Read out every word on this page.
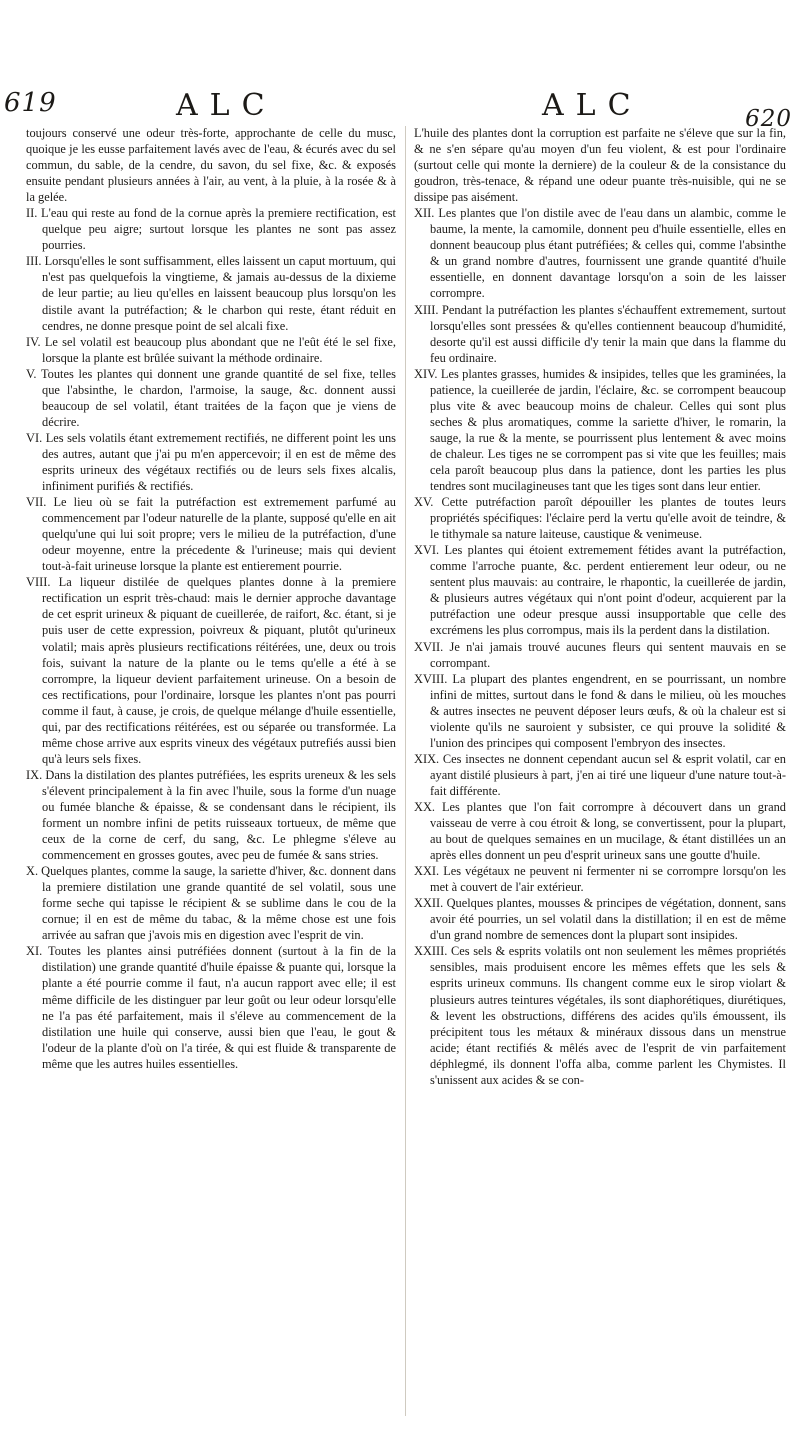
619	ALC	ALC	620

toujours conservé une odeur très-forte, approchante de celle du musc, quoique je les eusse parfaitement lavés avec de l'eau, & écurés avec du sel commun, du sable, de la cendre, du savon, du sel fixe, &c. & exposés ensuite pendant plusieurs années à l'air, au vent, à la pluie, à la rosée & à la gelée.

II. L'eau qui reste au fond de la cornue après la premiere rectification, est quelque peu aigre; surtout lorsque les plantes ne sont pas assez pourries.

III. Lorsqu'elles le sont suffisamment, elles laissent un caput mortuum, qui n'est pas quelquefois la vingtieme, & jamais au-dessus de la dixieme de leur partie; au lieu qu'elles en laissent beaucoup plus lorsqu'on les distile avant la putréfaction; & le charbon qui reste, étant réduit en cendres, ne donne presque point de sel alcali fixe.

IV. Le sel volatil est beaucoup plus abondant que ne l'eût été le sel fixe, lorsque la plante est brûlée suivant la méthode ordinaire.

V. Toutes les plantes qui donnent une grande quantité de sel fixe, telles que l'absinthe, le chardon, l'armoise, la sauge, &c. donnent aussi beaucoup de sel volatil, étant traitées de la façon que je viens de décrire.

VI. Les sels volatils étant extremement rectifiés, ne different point les uns des autres, autant que j'ai pu m'en appercevoir; il en est de même des esprits urineux des végétaux rectifiés ou de leurs sels fixes alcalis, infiniment purifiés & rectifiés.

VII. Le lieu où se fait la putréfaction est extremement parfumé au commencement par l'odeur naturelle de la plante, supposé qu'elle en ait quelqu'une qui lui soit propre; vers le milieu de la putréfaction, d'une odeur moyenne, entre la précedente & l'urineuse; mais qui devient tout-à-fait urineuse lorsque la plante est entierement pourrie.

VIII. La liqueur distilée de quelques plantes donne à la premiere rectification un esprit très-chaud: mais le dernier approche davantage de cet esprit urineux & piquant de cueillerée, de raifort, &c. étant, si je puis user de cette expression, poivreux & piquant, plutôt qu'urineux volatil; mais après plusieurs rectifications réitérées, une, deux ou trois fois, suivant la nature de la plante ou le tems qu'elle a été à se corrompre, la liqueur devient parfaitement urineuse. On a besoin de ces rectifications, pour l'ordinaire, lorsque les plantes n'ont pas pourri comme il faut, à cause, je crois, de quelque mélange d'huile essentielle, qui, par des rectifications réitérées, est ou séparée ou transformée. La même chose arrive aux esprits vineux des végétaux putrefiés aussi bien qu'à leurs sels fixes.

IX. Dans la distilation des plantes putréfiées, les esprits ureneux & les sels s'élevent principalement à la fin avec l'huile, sous la forme d'un nuage ou fumée blanche & épaisse, & se condensant dans le récipient, ils forment un nombre infini de petits ruisseaux tortueux, de même que ceux de la corne de cerf, du sang, &c. Le phlegme s'éleve au commencement en grosses goutes, avec peu de fumée & sans stries.

X. Quelques plantes, comme la sauge, la sariette d'hiver, &c. donnent dans la premiere distilation une grande quantité de sel volatil, sous une forme seche qui tapisse le récipient & se sublime dans le cou de la cornue; il en est de même du tabac, & la même chose est une fois arrivée au safran que j'avois mis en digestion avec l'esprit de vin.

XI. Toutes les plantes ainsi putréfiées donnent (surtout à la fin de la distilation) une grande quantité d'huile épaisse & puante qui, lorsque la plante a été pourrie comme il faut, n'a aucun rapport avec elle; il est même difficile de les distinguer par leur goût ou leur odeur lorsqu'elle ne l'a pas été parfaitement, mais il s'éleve au commencement de la distilation une huile qui conserve, aussi bien que l'eau, le gout & l'odeur de la plante d'où on l'a tirée, & qui est fluide & transparente de même que les autres huiles essentielles.

L'huile des plantes dont la corruption est parfaite ne s'éleve que sur la fin, & ne s'en sépare qu'au moyen d'un feu violent, & est pour l'ordinaire (surtout celle qui monte la derniere) de la couleur & de la consistance du goudron, très-tenace, & répand une odeur puante très-nuisible, qui ne se dissipe pas aisément.

XII. Les plantes que l'on distile avec de l'eau dans un alambic, comme le baume, la mente, la camomile, donnent peu d'huile essentielle, elles en donnent beaucoup plus étant putréfiées; & celles qui, comme l'absinthe & un grand nombre d'autres, fournissent une grande quantité d'huile essentielle, en donnent davantage lorsqu'on a soin de les laisser corrompre.

XIII. Pendant la putréfaction les plantes s'échauffent extremement, surtout lorsqu'elles sont pressées & qu'elles contiennent beaucoup d'humidité, desorte qu'il est aussi difficile d'y tenir la main que dans la flamme du feu ordinaire.

XIV. Les plantes grasses, humides & insipides, telles que les graminées, la patience, la cueillerée de jardin, l'éclaire, &c. se corrompent beaucoup plus vite & avec beaucoup moins de chaleur. Celles qui sont plus seches & plus aromatiques, comme la sariette d'hiver, le romarin, la sauge, la rue & la mente, se pourrissent plus lentement & avec moins de chaleur. Les tiges ne se corrompent pas si vite que les feuilles; mais cela paroît beaucoup plus dans la patience, dont les parties les plus tendres sont mucilagineuses tant que les tiges sont dans leur entier.

XV. Cette putréfaction paroît dépouiller les plantes de toutes leurs propriétés spécifiques: l'éclaire perd la vertu qu'elle avoit de teindre, & le tithymale sa nature laiteuse, caustique & venimeuse.

XVI. Les plantes qui étoient extremement fétides avant la putréfaction, comme l'arroche puante, &c. perdent entierement leur odeur, ou ne sentent plus mauvais: au contraire, le rhapontic, la cueillerée de jardin, & plusieurs autres végétaux qui n'ont point d'odeur, acquierent par la putréfaction une odeur presque aussi insupportable que celle des excrémens les plus corrompus, mais ils la perdent dans la distilation.

XVII. Je n'ai jamais trouvé aucunes fleurs qui sentent mauvais en se corrompant.

XVIII. La plupart des plantes engendrent, en se pourrissant, un nombre infini de mittes, surtout dans le fond & dans le milieu, où les mouches & autres insectes ne peuvent déposer leurs œufs, & où la chaleur est si violente qu'ils ne sauroient y subsister, ce qui prouve la solidité & l'union des principes qui composent l'embryon des insectes.

XIX. Ces insectes ne donnent cependant aucun sel & esprit volatil, car en ayant distilé plusieurs à part, j'en ai tiré une liqueur d'une nature tout-à-fait différente.

XX. Les plantes que l'on fait corrompre à découvert dans un grand vaisseau de verre à cou étroit & long, se convertissent, pour la plupart, au bout de quelques semaines en un mucilage, & étant distillées un an après elles donnent un peu d'esprit urineux sans une goutte d'huile.

XXI. Les végétaux ne peuvent ni fermenter ni se corrompre lorsqu'on les met à couvert de l'air extérieur.

XXII. Quelques plantes, mousses & principes de végétation, donnent, sans avoir été pourries, un sel volatil dans la distillation; il en est de même d'un grand nombre de semences dont la plupart sont insipides.

XXIII. Ces sels & esprits volatils ont non seulement les mêmes propriétés sensibles, mais produisent encore les mêmes effets que les sels & esprits urineux communs. Ils changent comme eux le sirop violart & plusieurs autres teintures végétales, ils sont diaphorétiques, diurétiques, & levent les obstructions, différens des acides qu'ils émoussent, ils précipitent tous les métaux & minéraux dissous dans un menstrue acide; étant rectifiés & mêlés avec de l'esprit de vin parfaitement déphlegmé, ils donnent l'offa alba, comme parlent les Chymistes. Il s'unissent aux acides & se con-
